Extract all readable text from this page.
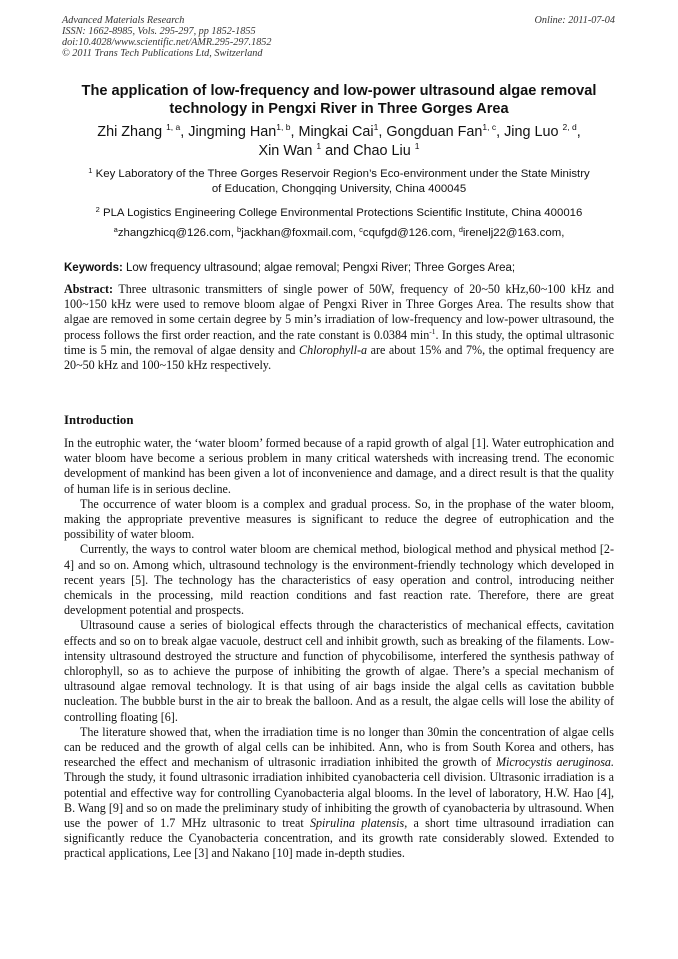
Advanced Materials Research
ISSN: 1662-8985, Vols. 295-297, pp 1852-1855
doi:10.4028/www.scientific.net/AMR.295-297.1852
© 2011 Trans Tech Publications Ltd, Switzerland
Online: 2011-07-04
The application of low-frequency and low-power ultrasound algae removal technology in Pengxi River in Three Gorges Area
Zhi Zhang $^{1, a}$, Jingming Han$^{1, b}$, Mingkai Cai$^1$, Gongduan Fan$^{1, c}$, Jing Luo $^{2, d}$,
Xin Wan $^1$ and Chao Liu $^1$
$^1$ Key Laboratory of the Three Gorges Reservoir Region’s Eco-environment under the State Ministry
of Education, Chongqing University, China 400045
$^2$ PLA Logistics Engineering College Environmental Protections Scientific Institute, China 400016
$^a$zhangzhicq@126.com, $^b$jackhan@foxmail.com, $^c$cqufgd@126.com, $^d$irenelj22@163.com,
Keywords: Low frequency ultrasound; algae removal; Pengxi River; Three Gorges Area;
Abstract: Three ultrasonic transmitters of single power of 50W, frequency of 20~50 kHz,60~100 kHz and 100~150 kHz were used to remove bloom algae of Pengxi River in Three Gorges Area. The results show that algae are removed in some certain degree by 5 min’s irradiation of low-frequency and low-power ultrasound, the process follows the first order reaction, and the rate constant is 0.0384 $\min^{-1}$. In this study, the optimal ultrasonic time is 5 min, the removal of algae density and Chlorophyll-a are about 15% and 7%, the optimal frequency are 20~50 kHz and 100~150 kHz respectively.
Introduction

In the eutrophic water, the ‘water bloom’ formed because of a rapid growth of algal [1]. Water eutrophication and water bloom have become a serious problem in many critical watersheds with increasing trend. The economic development of mankind has been given a lot of inconvenience and damage, and a direct result is that the quality of human life is in serious decline.

The occurrence of water bloom is a complex and gradual process. So, in the prophase of the water bloom, making the appropriate preventive measures is significant to reduce the degree of eutrophication and the possibility of water bloom.

Currently, the ways to control water bloom are chemical method, biological method and physical method [2-4] and so on. Among which, ultrasound technology is the environment-friendly technology which developed in recent years [5]. The technology has the characteristics of easy operation and control, introducing neither chemicals in the processing, mild reaction conditions and fast reaction rate. Therefore, there are great development potential and prospects.

Ultrasound cause a series of biological effects through the characteristics of mechanical effects, cavitation effects and so on to break algae vacuole, destruct cell and inhibit growth, such as breaking of the filaments. Low-intensity ultrasound destroyed the structure and function of phycobilisome, interfered the synthesis pathway of chlorophyll, so as to achieve the purpose of inhibiting the growth of algae. There’s a special mechanism of ultrasound algae removal technology. It is that using of air bags inside the algal cells as cavitation bubble nucleation. The bubble burst in the air to break the balloon. And as a result, the algae cells will lose the ability of controlling floating [6].

The literature showed that, when the irradiation time is no longer than 30min the concentration of algae cells can be reduced and the growth of algal cells can be inhibited. Ann, who is from South Korea and others, has researched the effect and mechanism of ultrasonic irradiation inhibited the growth of Microcystis aeruginosa. Through the study, it found ultrasonic irradiation inhibited cyanobacteria cell division. Ultrasonic irradiation is a potential and effective way for controlling Cyanobacteria algal blooms. In the level of laboratory, H.W. Hao [4], B. Wang [9] and so on made the preliminary study of inhibiting the growth of cyanobacteria by ultrasound. When use the power of 1.7 MHz ultrasonic to treat Spirulina platensis, a short time ultrasound irradiation can significantly reduce the Cyanobacteria concentration, and its growth rate considerably slowed. Extended to practical applications, Lee [3] and Nakano [10] made in-depth studies.
